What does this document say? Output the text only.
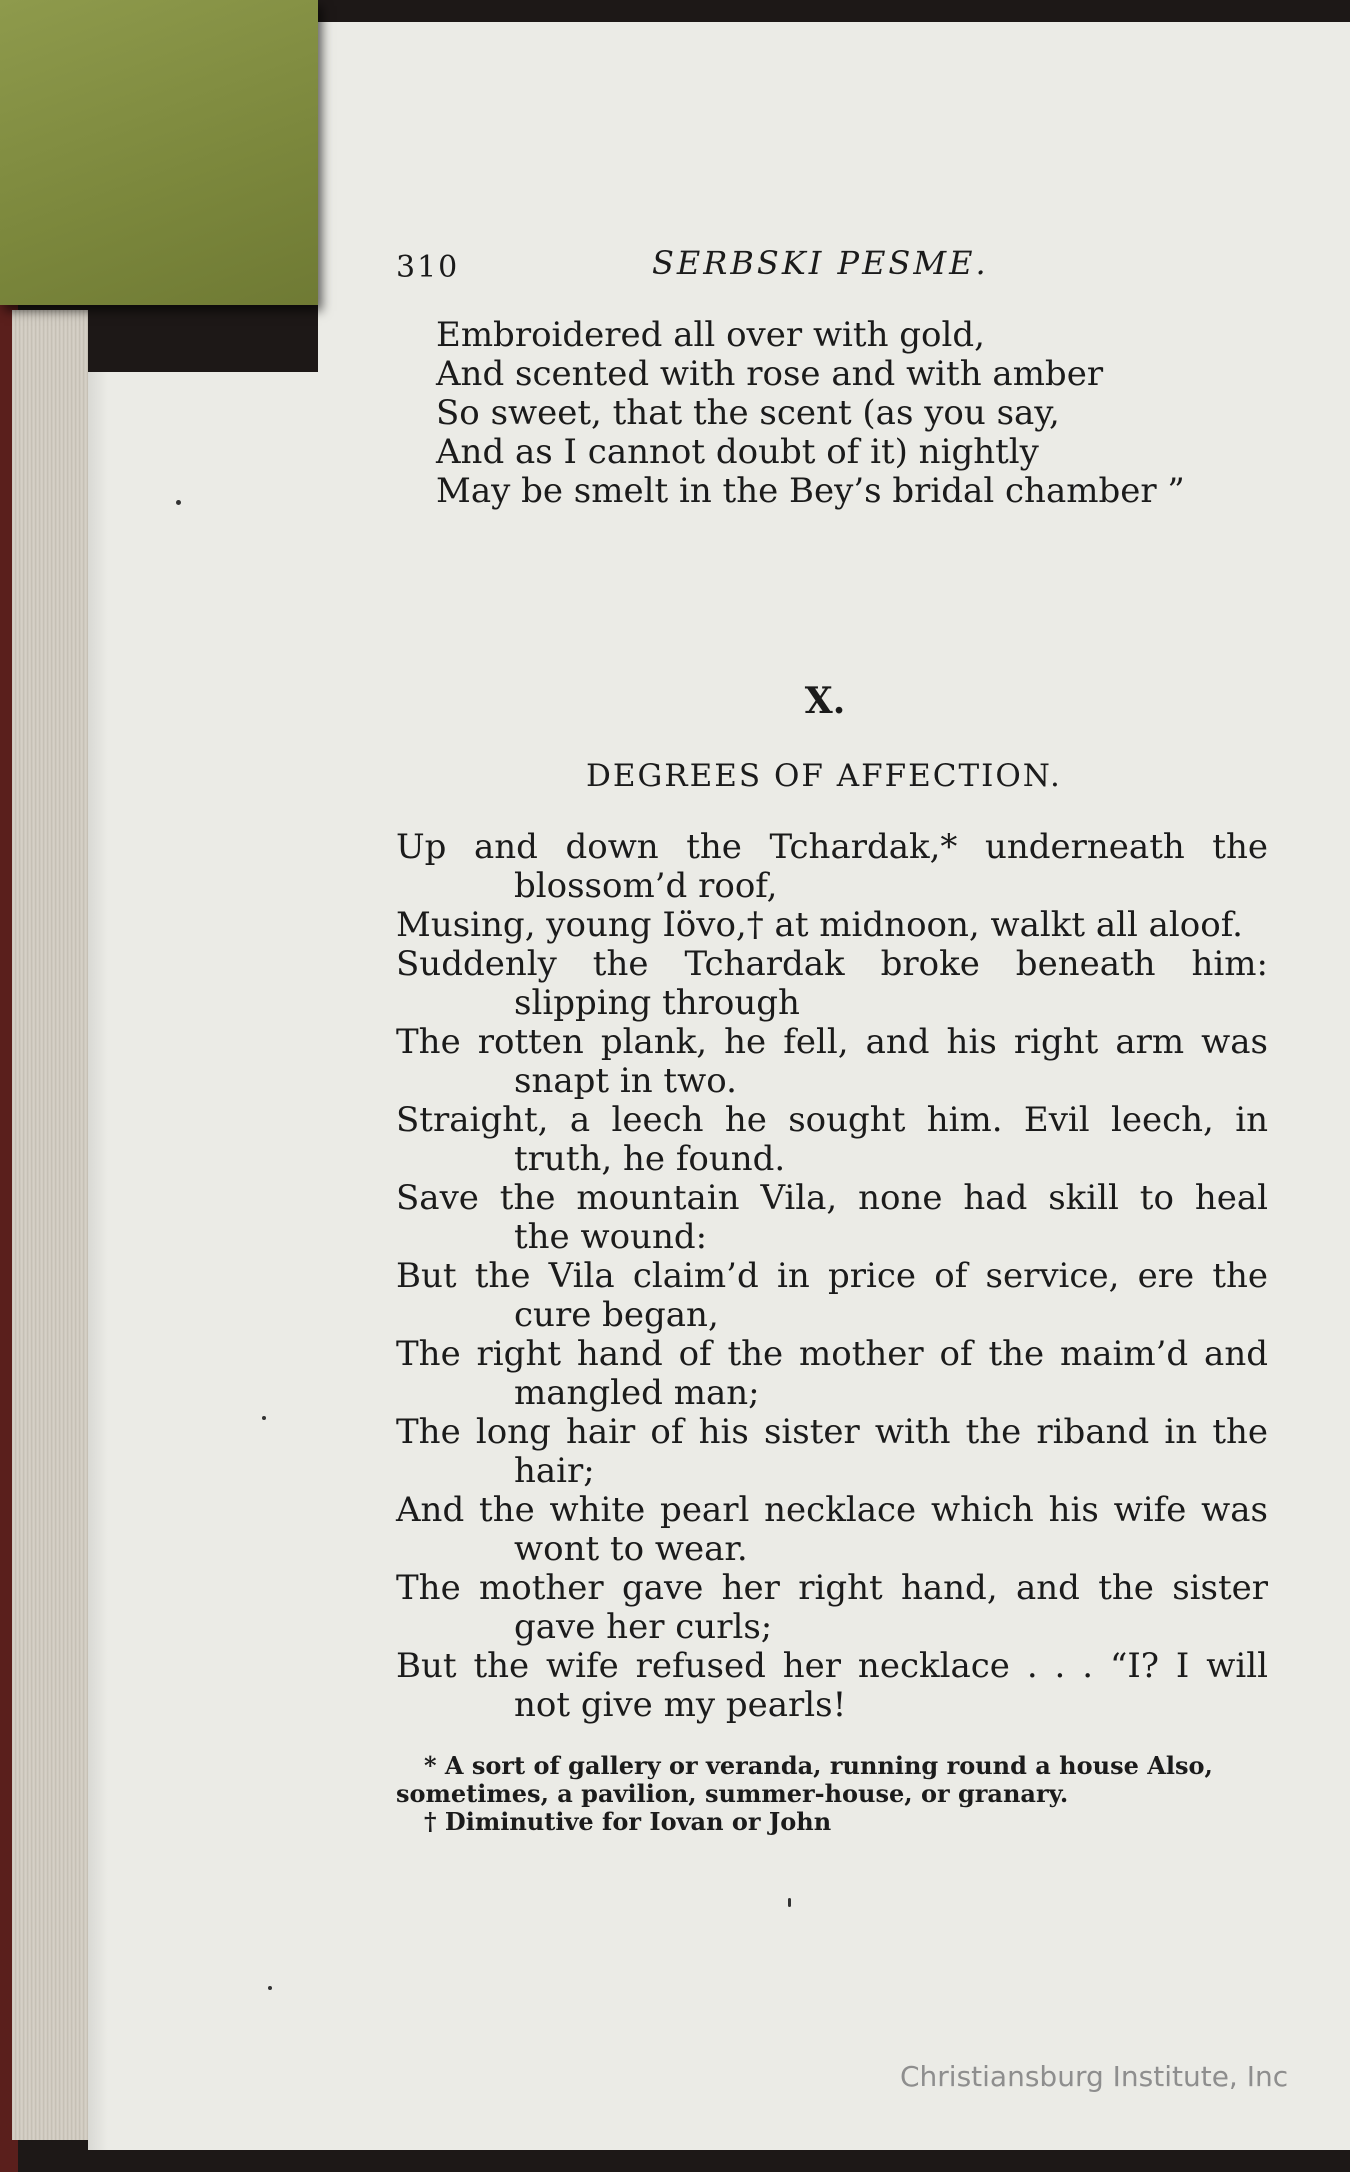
310	SERBSKI PESME.
Embroidered all over with gold,
And scented with rose and with amber
So sweet, that the scent (as you say,
And as I cannot doubt of it) nightly
May be smelt in the Bey’s bridal chamber ”
X.
DEGREES OF AFFECTION.
Up and down the Tchardak,* underneath the
blossom’d roof,
Musing, young Iövo,† at midnoon, walkt all aloof.
Suddenly the Tchardak broke beneath him:
slipping through
The rotten plank, he fell, and his right arm was
snapt in two.
Straight, a leech he sought him. Evil leech, in
truth, he found.
Save the mountain Vila, none had skill to heal
the wound:
But the Vila claim’d in price of service, ere the
cure began,
The right hand of the mother of the maim’d and
mangled man;
The long hair of his sister with the riband in the
hair;
And the white pearl necklace which his wife was
wont to wear.
The mother gave her right hand, and the sister
gave her curls;
But the wife refused her necklace . . . “I? I will
not give my pearls!
* A sort of gallery or veranda, running round a house Also,
sometimes, a pavilion, summer-house, or granary.
† Diminutive for Iovan or John
Christiansburg Institute, Inc
